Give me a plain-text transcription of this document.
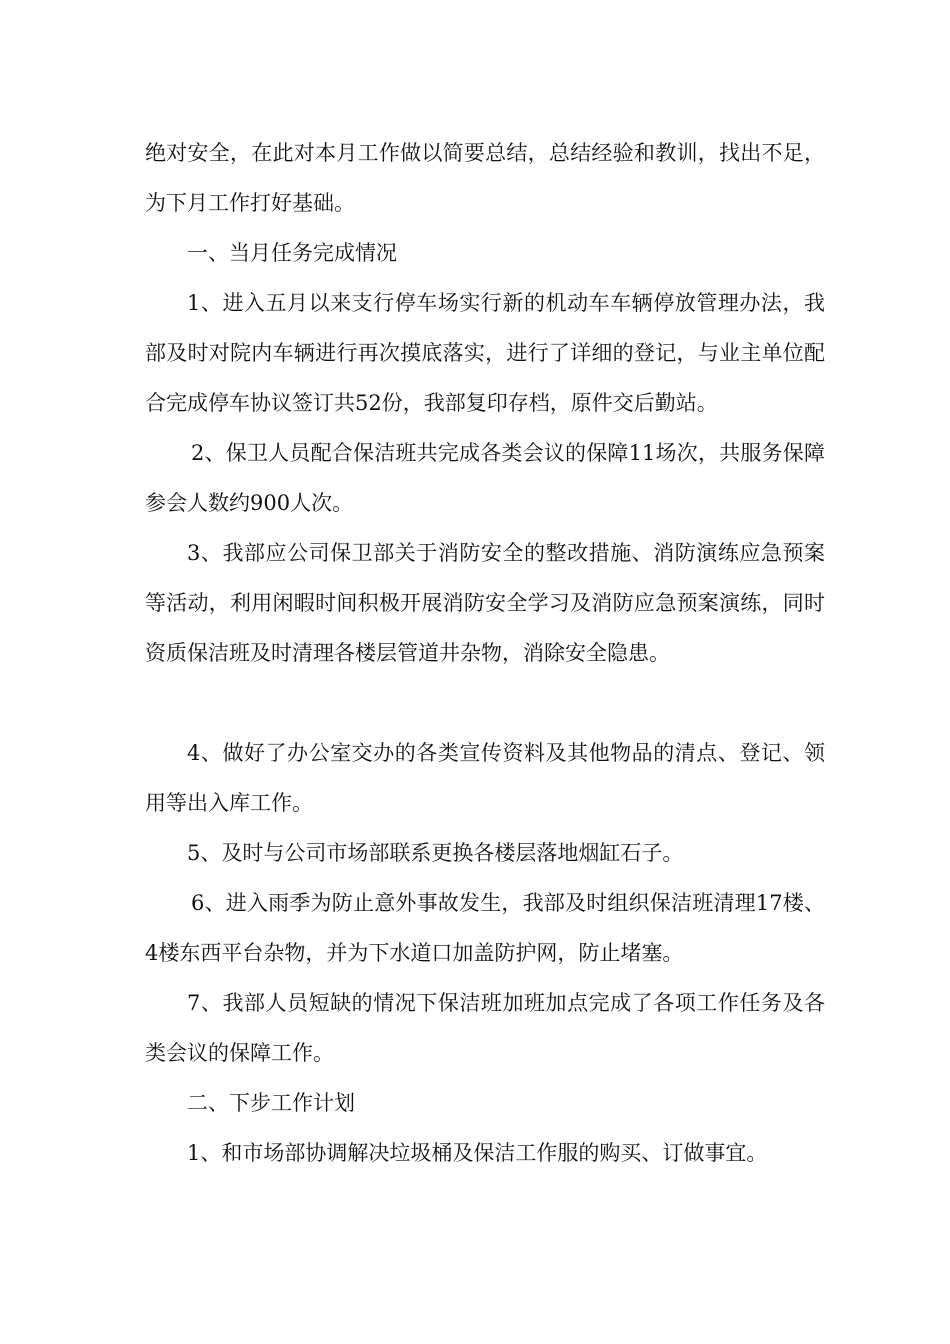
绝对安全，在此对本月工作做以简要总结，总结经验和教训，找出不足，为下月工作打好基础。

一、当月任务完成情况

1、进入五月以来支行停车场实行新的机动车车辆停放管理办法，我部及时对院内车辆进行再次摸底落实，进行了详细的登记，与业主单位配合完成停车协议签订共52份，我部复印存档，原件交后勤站。

2、保卫人员配合保洁班共完成各类会议的保障11场次，共服务保障参会人数约900人次。

3、我部应公司保卫部关于消防安全的整改措施、消防演练应急预案等活动，利用闲暇时间积极开展消防安全学习及消防应急预案演练，同时资质保洁班及时清理各楼层管道井杂物，消除安全隐患。

4、做好了办公室交办的各类宣传资料及其他物品的清点、登记、领用等出入库工作。

5、及时与公司市场部联系更换各楼层落地烟缸石子。

6、进入雨季为防止意外事故发生，我部及时组织保洁班清理17楼、4楼东西平台杂物，并为下水道口加盖防护网，防止堵塞。

7、我部人员短缺的情况下保洁班加班加点完成了各项工作任务及各类会议的保障工作。

二、下步工作计划

1、和市场部协调解决垃圾桶及保洁工作服的购买、订做事宜。
